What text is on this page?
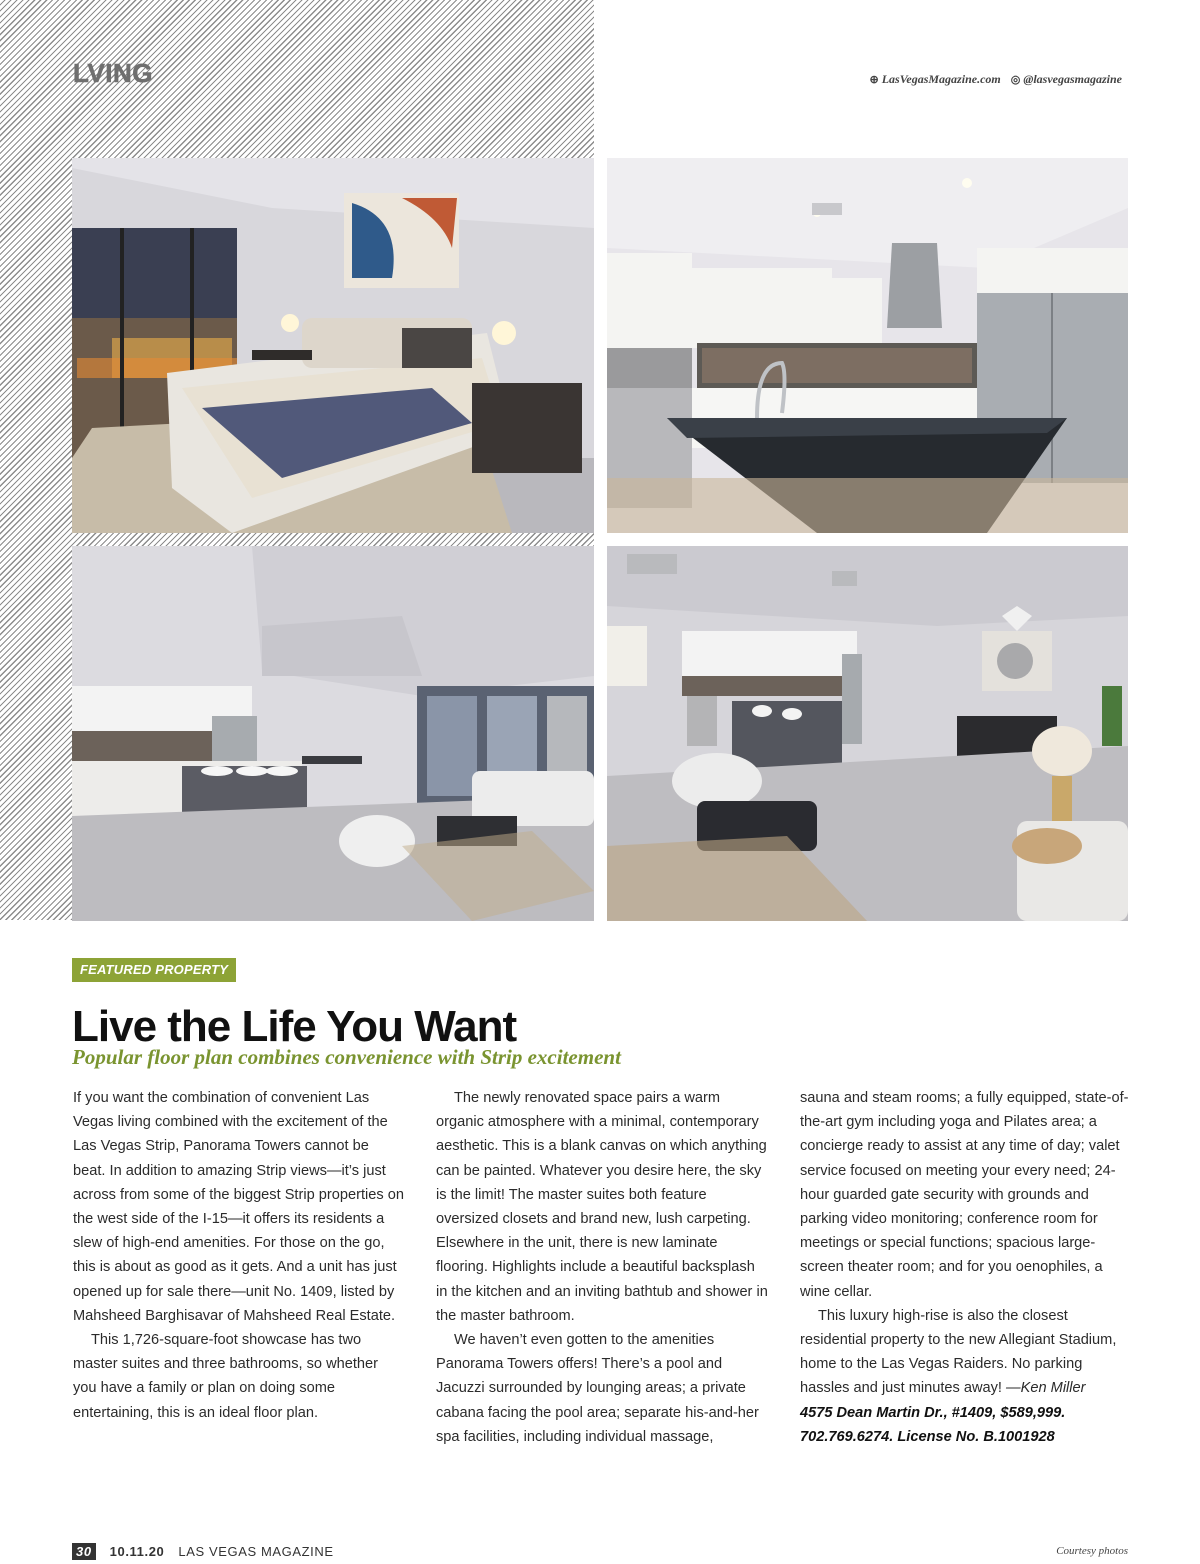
LVING	⊕ LasVegasMagazine.com ◎ @lasvegasmagazine
FEATURED PROPERTY
Live the Life You Want
Popular floor plan combines convenience with Strip excitement

If you want the combination of convenient Las Vegas living combined with the excitement of the Las Vegas Strip, Panorama Towers cannot be beat. In addition to amazing Strip views—it’s just across from some of the biggest Strip properties on the west side of the I-15—it offers its residents a slew of high-end amenities. For those on the go, this is about as good as it gets. And a unit has just opened up for sale there—unit No. 1409, listed by Mahsheed Barghisavar of Mahsheed Real Estate.

This 1,726-square-foot showcase has two master suites and three bathrooms, so whether you have a family or plan on doing some entertaining, this is an ideal floor plan.

The newly renovated space pairs a warm organic atmosphere with a minimal, contemporary aesthetic. This is a blank canvas on which anything can be painted. Whatever you desire here, the sky is the limit! The master suites both feature oversized closets and brand new, lush carpeting. Elsewhere in the unit, there is new laminate flooring. Highlights include a beautiful backsplash in the kitchen and an inviting bathtub and shower in the master bathroom.

We haven’t even gotten to the amenities Panorama Towers offers! There’s a pool and Jacuzzi surrounded by lounging areas; a private cabana facing the pool area; separate his-and-her spa facilities, including individual massage,

sauna and steam rooms; a fully equipped, state-of-the-art gym including yoga and Pilates area; a concierge ready to assist at any time of day; valet service focused on meeting your every need; 24-hour guarded gate security with grounds and parking video monitoring; conference room for meetings or special functions; spacious large-screen theater room; and for you oenophiles, a wine cellar.

This luxury high-rise is also the closest residential property to the new Allegiant Stadium, home to the Las Vegas Raiders. No parking hassles and just minutes away! —Ken Miller

4575 Dean Martin Dr., #1409, $589,999.

702.769.6274. License No. B.1001928

30	10.11.20 LAS VEGAS MAGAZINE	Courtesy photos
